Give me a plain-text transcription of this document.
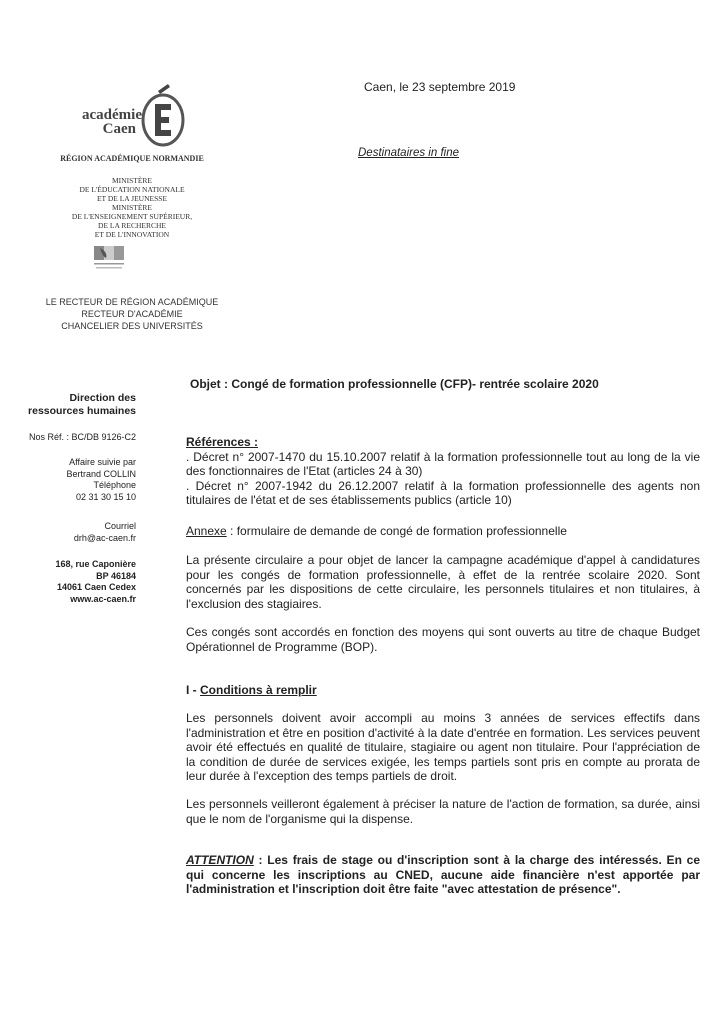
académie
Caen
RÉGION ACADÉMIQUE NORMANDIE
MINISTÈRE
DE L'ÉDUCATION NATIONALE
ET DE LA JEUNESSE
MINISTÈRE
DE L'ENSEIGNEMENT SUPÉRIEUR,
DE LA RECHERCHE
ET DE L'INNOVATION
LE RECTEUR DE RÉGION ACADÉMIQUE
RECTEUR D'ACADÉMIE
CHANCELIER DES UNIVERSITÉS
Caen, le 23 septembre 2019
Destinataires in fine
Direction des
ressources humaines
Nos Réf. : BC/DB 9126-C2
Affaire suivie par
Bertrand COLLIN
Téléphone
02 31 30 15 10
Courriel
drh@ac-caen.fr
168, rue Caponière
BP 46184
14061 Caen Cedex
www.ac-caen.fr
Objet : Congé de formation professionnelle (CFP)- rentrée scolaire 2020

Références :

. Décret n° 2007-1470 du 15.10.2007 relatif à la formation professionnelle tout au long de la vie des fonctionnaires de l'Etat (articles 24 à 30)

. Décret n° 2007-1942 du 26.12.2007 relatif à la formation professionnelle des agents non titulaires de l'état et de ses établissements publics (article 10)

Annexe : formulaire de demande de congé de formation professionnelle
La présente circulaire a pour objet de lancer la campagne académique d'appel à candidatures pour les congés de formation professionnelle, à effet de la rentrée scolaire 2020. Sont concernés par les dispositions de cette circulaire, les personnels titulaires et non titulaires, à l'exclusion des stagiaires.
Ces congés sont accordés en fonction des moyens qui sont ouverts au titre de chaque Budget Opérationnel de Programme (BOP).
I - Conditions à remplir
Les personnels doivent avoir accompli au moins 3 années de services effectifs dans l'administration et être en position d'activité à la date d'entrée en formation. Les services peuvent avoir été effectués en qualité de titulaire, stagiaire ou agent non titulaire. Pour l'appréciation de la condition de durée de services exigée, les temps partiels sont pris en compte au prorata de leur durée à l'exception des temps partiels de droit.
Les personnels veilleront également à préciser la nature de l'action de formation, sa durée, ainsi que le nom de l'organisme qui la dispense.
ATTENTION : Les frais de stage ou d'inscription sont à la charge des intéressés. En ce qui concerne les inscriptions au CNED, aucune aide financière n'est apportée par l'administration et l'inscription doit être faite "avec attestation de présence".
